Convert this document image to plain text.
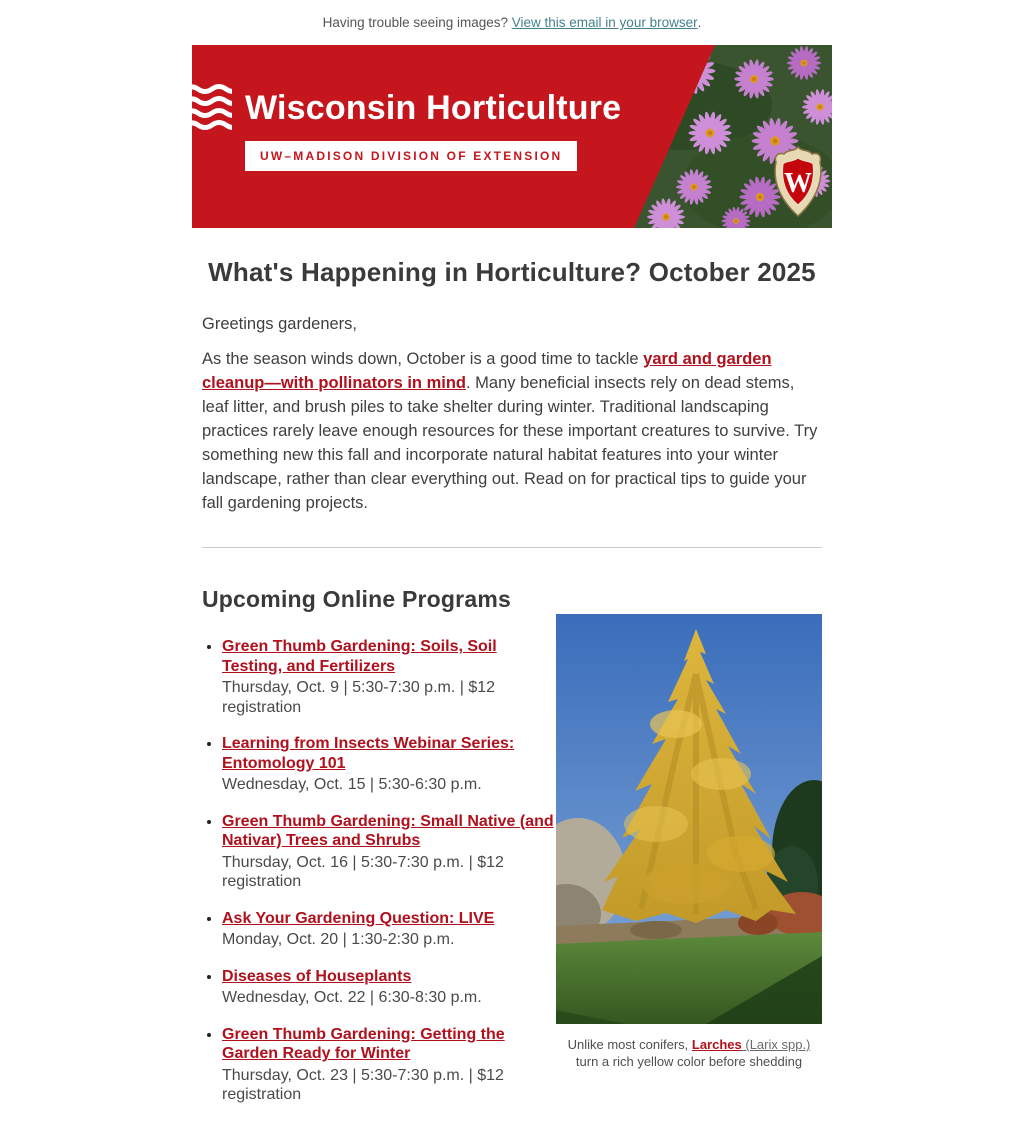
Having trouble seeing images?
View this email in your browser .
Wisconsin Horticulture
UW–MADISON DIVISION OF EXTENSION
W
What's Happening in Horticulture? October 2025

Greetings gardeners,

As the season winds down, October is a good time to tackle yard and garden cleanup—with pollinators in mind. Many beneficial insects rely on dead stems, leaf litter, and brush piles to take shelter during winter. Traditional landscaping practices rarely leave enough resources for these important creatures to survive. Try something new this fall and incorporate natural habitat features into your winter landscape, rather than clear everything out. Read on for practical tips to guide your fall gardening projects.

Upcoming Online Programs
• Green Thumb Gardening: Soils, Soil Testing, and Fertilizers
Thursday, Oct. 9 | 5:30-7:30 p.m. | $12 registration
• Learning from Insects Webinar Series: Entomology 101
Wednesday, Oct. 15 | 5:30-6:30 p.m.
• Green Thumb Gardening: Small Native (and Nativar) Trees and Shrubs
Thursday, Oct. 16 | 5:30-7:30 p.m. | $12 registration
• Ask Your Gardening Question: LIVE
Monday, Oct. 20 | 1:30-2:30 p.m.
• Diseases of Houseplants
Wednesday, Oct. 22 | 6:30-8:30 p.m.
• Green Thumb Gardening: Getting the Garden Ready for Winter
Thursday, Oct. 23 | 5:30-7:30 p.m. | $12 registration
Unlike most conifers, Larches (Larix spp.)
turn a rich yellow color before shedding
